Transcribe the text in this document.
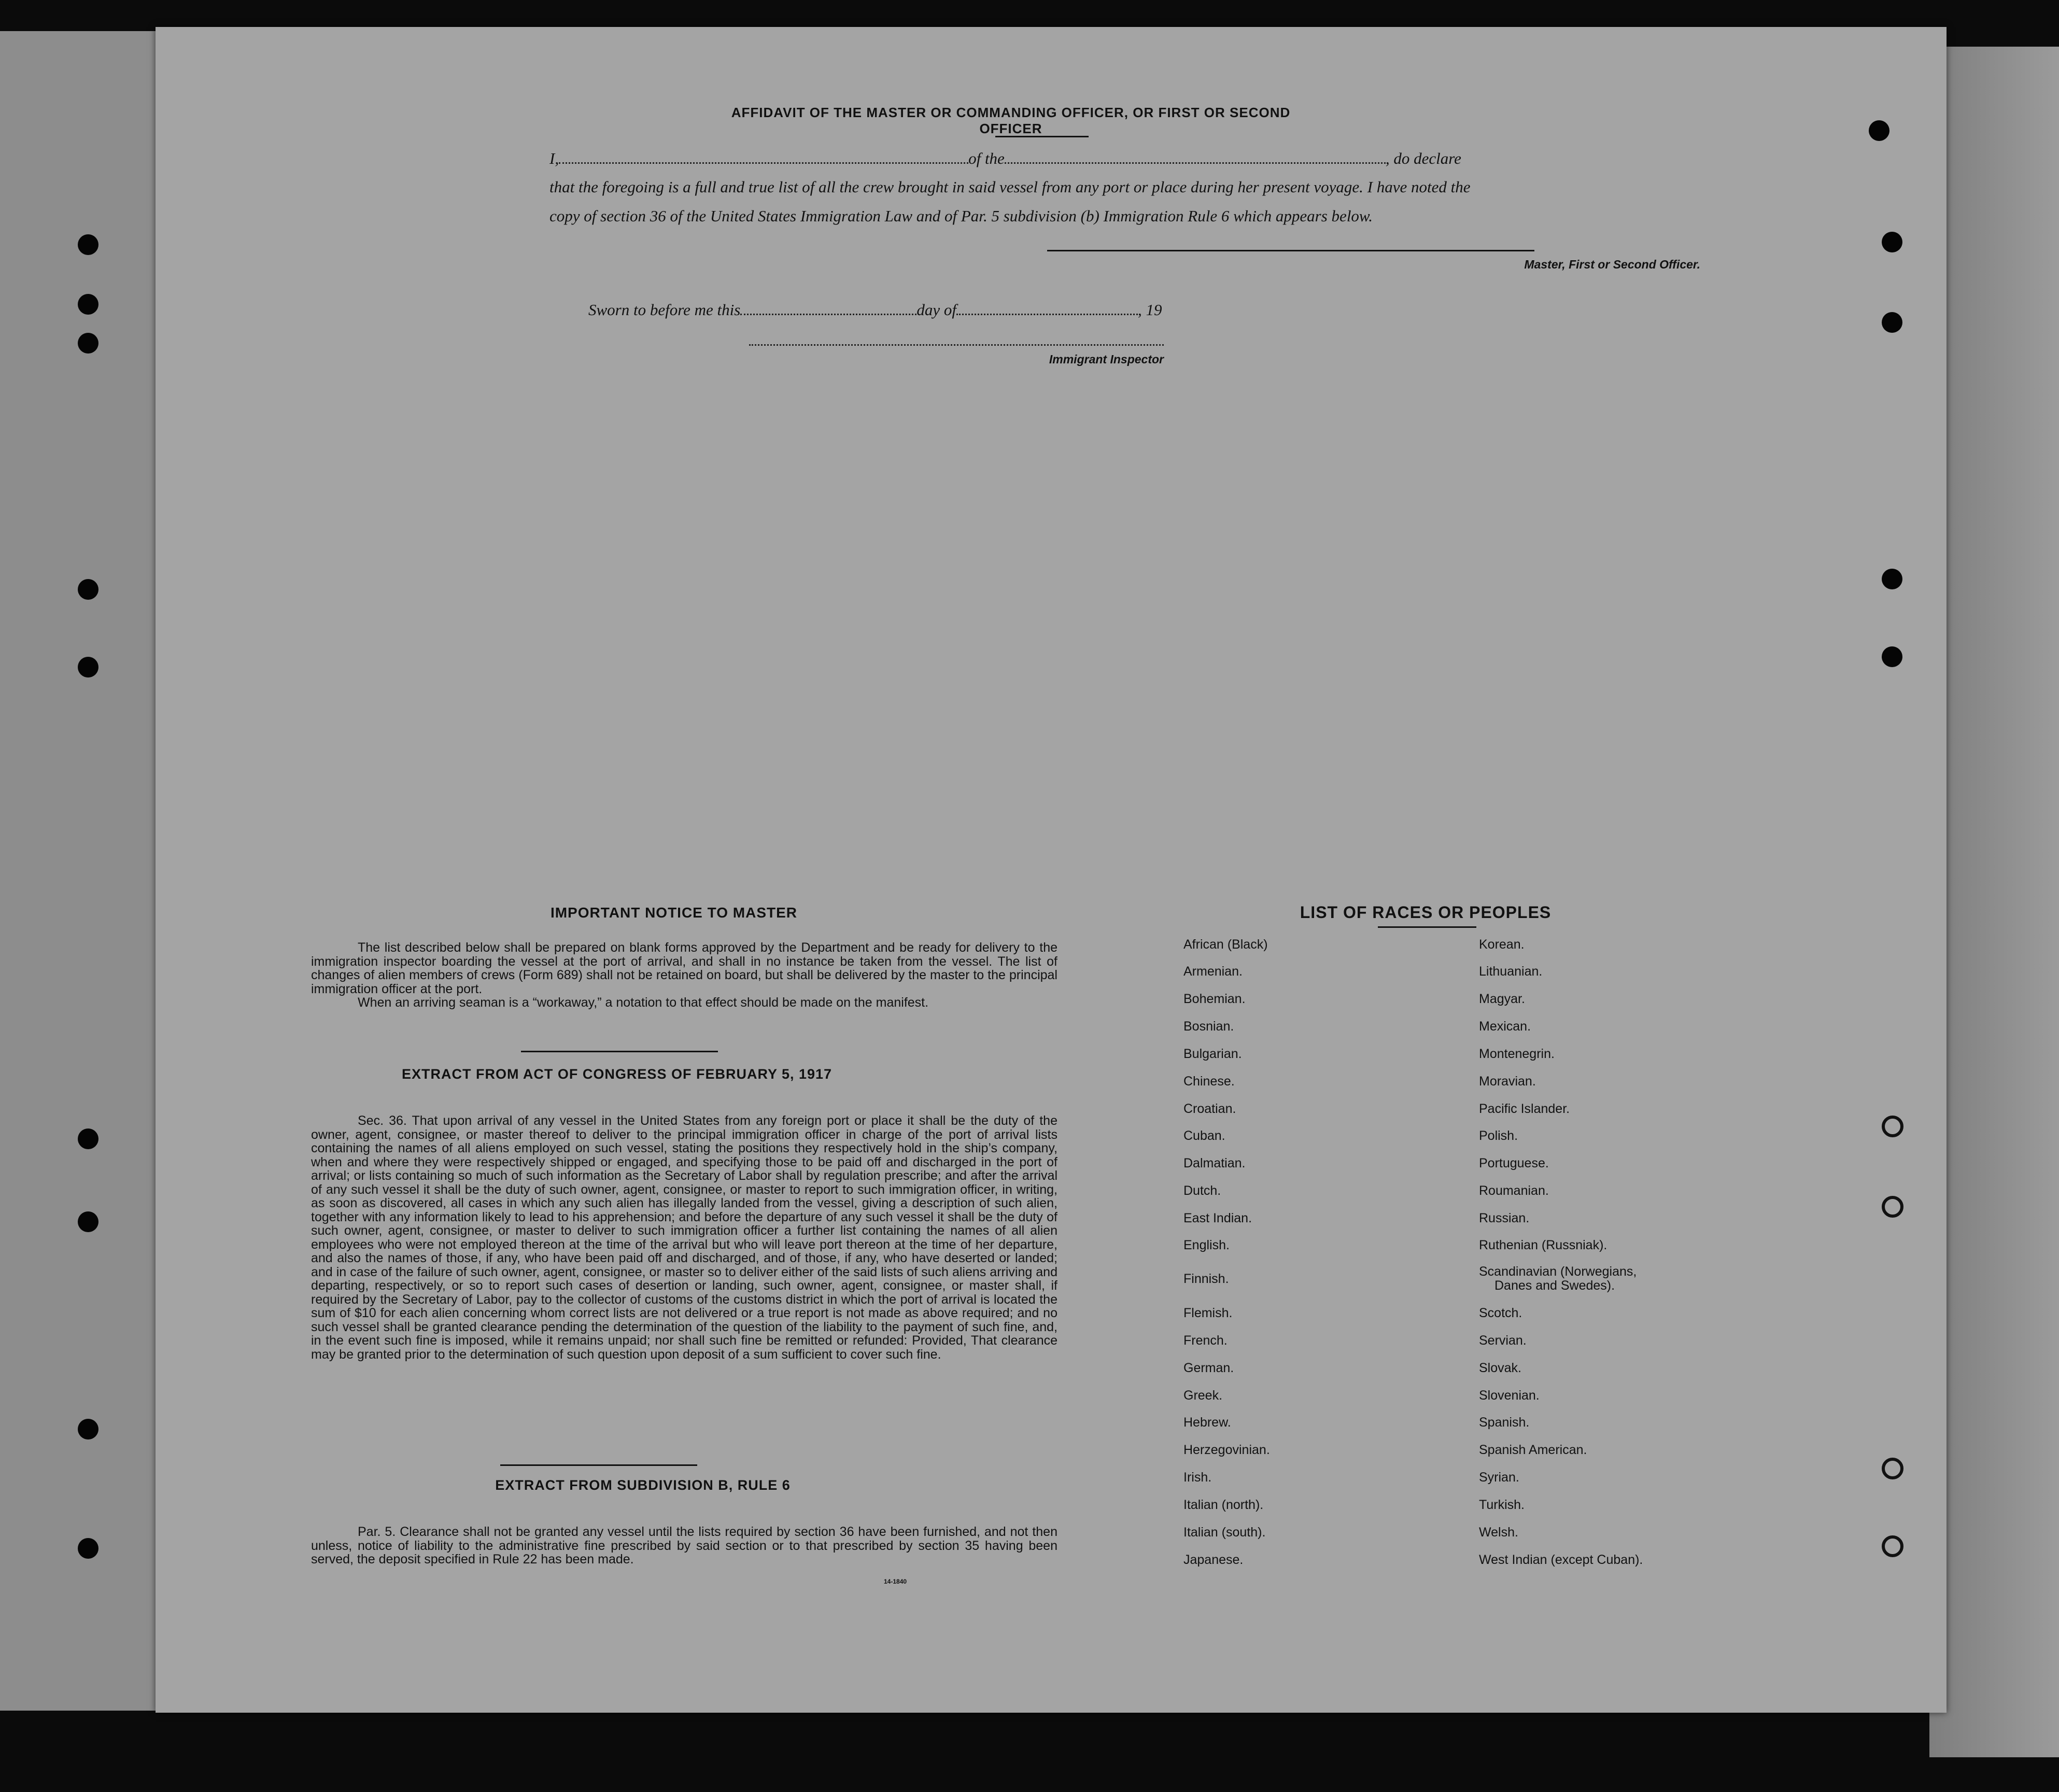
AFFIDAVIT OF THE MASTER OR COMMANDING OFFICER, OR FIRST OR SECOND OFFICER
I,	of the	, do declare
that the foregoing is a full and true list of all the crew brought in said vessel from any port or place during her present voyage. I have noted the
copy of section 36 of the United States Immigration Law and of Par. 5 subdivision (b) Immigration Rule 6 which appears below.
Master, First or Second Officer.
Sworn to before me this	day of	, 19
Immigrant Inspector
IMPORTANT NOTICE TO MASTER

The list described below shall be prepared on blank forms approved by the Department and be ready for delivery to the immigration inspector boarding the vessel at the port of arrival, and shall in no instance be taken from the vessel. The list of changes of alien members of crews (Form 689) shall not be retained on board, but shall be delivered by the master to the principal immigration officer at the port.

When an arriving seaman is a “workaway,” a notation to that effect should be made on the manifest.

EXTRACT FROM ACT OF CONGRESS OF FEBRUARY 5, 1917

Sec. 36. That upon arrival of any vessel in the United States from any foreign port or place it shall be the duty of the owner, agent, consignee, or master thereof to deliver to the principal immigration officer in charge of the port of arrival lists containing the names of all aliens employed on such vessel, stating the positions they respectively hold in the ship’s company, when and where they were respectively shipped or engaged, and specifying those to be paid off and discharged in the port of arrival; or lists containing so much of such information as the Secretary of Labor shall by regulation prescribe; and after the arrival of any such vessel it shall be the duty of such owner, agent, consignee, or master to report to such immigration officer, in writing, as soon as discovered, all cases in which any such alien has illegally landed from the vessel, giving a description of such alien, together with any information likely to lead to his apprehension; and before the departure of any such vessel it shall be the duty of such owner, agent, consignee, or master to deliver to such immigration officer a further list containing the names of all alien employees who were not employed thereon at the time of the arrival but who will leave port thereon at the time of her departure, and also the names of those, if any, who have been paid off and discharged, and of those, if any, who have deserted or landed; and in case of the failure of such owner, agent, consignee, or master so to deliver either of the said lists of such aliens arriving and departing, respectively, or so to report such cases of desertion or landing, such owner, agent, consignee, or master shall, if required by the Secretary of Labor, pay to the collector of customs of the customs district in which the port of arrival is located the sum of $10 for each alien concerning whom correct lists are not delivered or a true report is not made as above required; and no such vessel shall be granted clearance pending the determination of the question of the liability to the payment of such fine, and, in the event such fine is imposed, while it remains unpaid; nor shall such fine be remitted or refunded: Provided, That clearance may be granted prior to the determination of such question upon deposit of a sum sufficient to cover such fine.

EXTRACT FROM SUBDIVISION B, RULE 6

Par. 5. Clearance shall not be granted any vessel until the lists required by section 36 have been furnished, and not then unless, notice of liability to the administrative fine prescribed by said section or to that prescribed by section 35 having been served, the deposit specified in Rule 22 has been made.

14-1840
LIST OF RACES OR PEOPLES
African (Black)
Armenian.
Bohemian.
Bosnian.
Bulgarian.
Chinese.
Croatian.
Cuban.
Dalmatian.
Dutch.
East Indian.
English.
Finnish.
Flemish.
French.
German.
Greek.
Hebrew.
Herzegovinian.
Irish.
Italian (north).
Italian (south).
Japanese.
Korean.
Lithuanian.
Magyar.
Mexican.
Montenegrin.
Moravian.
Pacific Islander.
Polish.
Portuguese.
Roumanian.
Russian.
Ruthenian (Russniak).
Scandinavian (Norwegians,
Danes and Swedes).
Scotch.
Servian.
Slovak.
Slovenian.
Spanish.
Spanish American.
Syrian.
Turkish.
Welsh.
West Indian (except Cuban).
